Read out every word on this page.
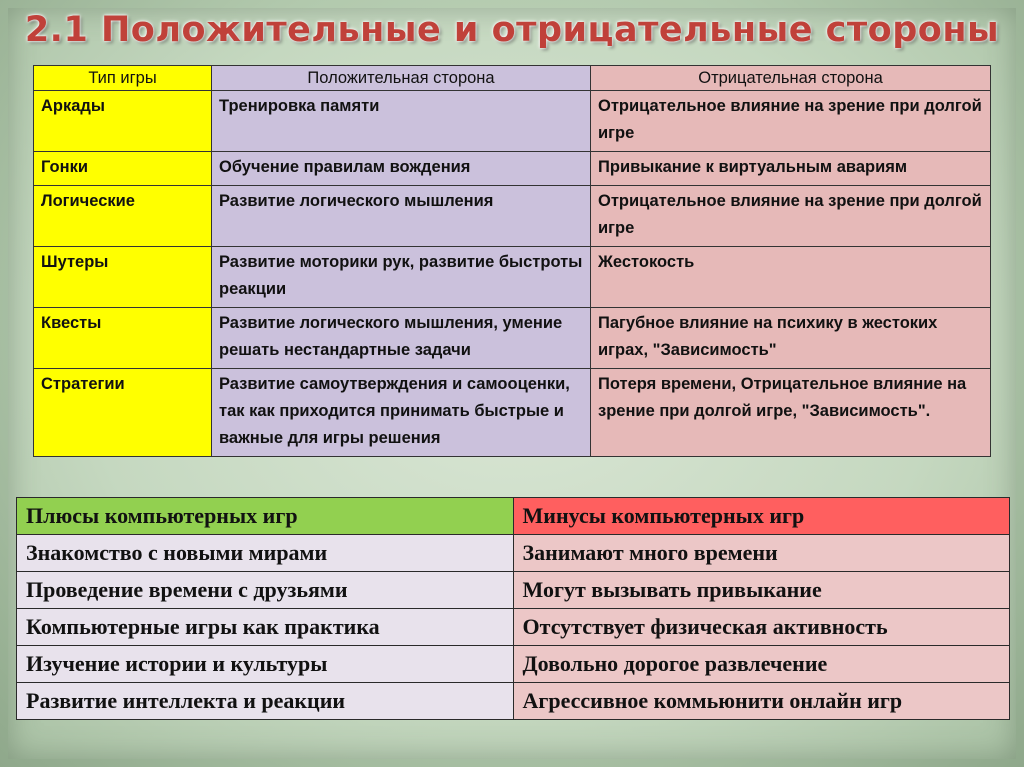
2.1 Положительные и отрицательные стороны
Тип игры	Положительная сторона	Отрицательная сторона
Аркады	Тренировка памяти	Отрицательное влияние на зрение при долгой игре
Гонки	Обучение правилам вождения	Привыкание к виртуальным авариям
Логические	Развитие логического мышления	Отрицательное влияние на зрение при долгой игре
Шутеры	Развитие моторики рук, развитие быстроты реакции	Жестокость
Квесты	Развитие логического мышления, умение решать нестандартные задачи	Пагубное влияние на психику в жестоких играх, "Зависимость"
Стратегии	Развитие самоутверждения и самооценки, так как приходится принимать быстрые и важные для игры решения	Потеря времени, Отрицательное влияние на зрение при долгой игре, "Зависимость".
Плюсы компьютерных игр	Минусы компьютерных игр
Знакомство с новыми мирами	Занимают много времени
Проведение времени с друзьями	Могут вызывать привыкание
Компьютерные игры как практика	Отсутствует физическая активность
Изучение истории и культуры	Довольно дорогое развлечение
Развитие интеллекта и реакции	Агрессивное коммьюнити онлайн игр
